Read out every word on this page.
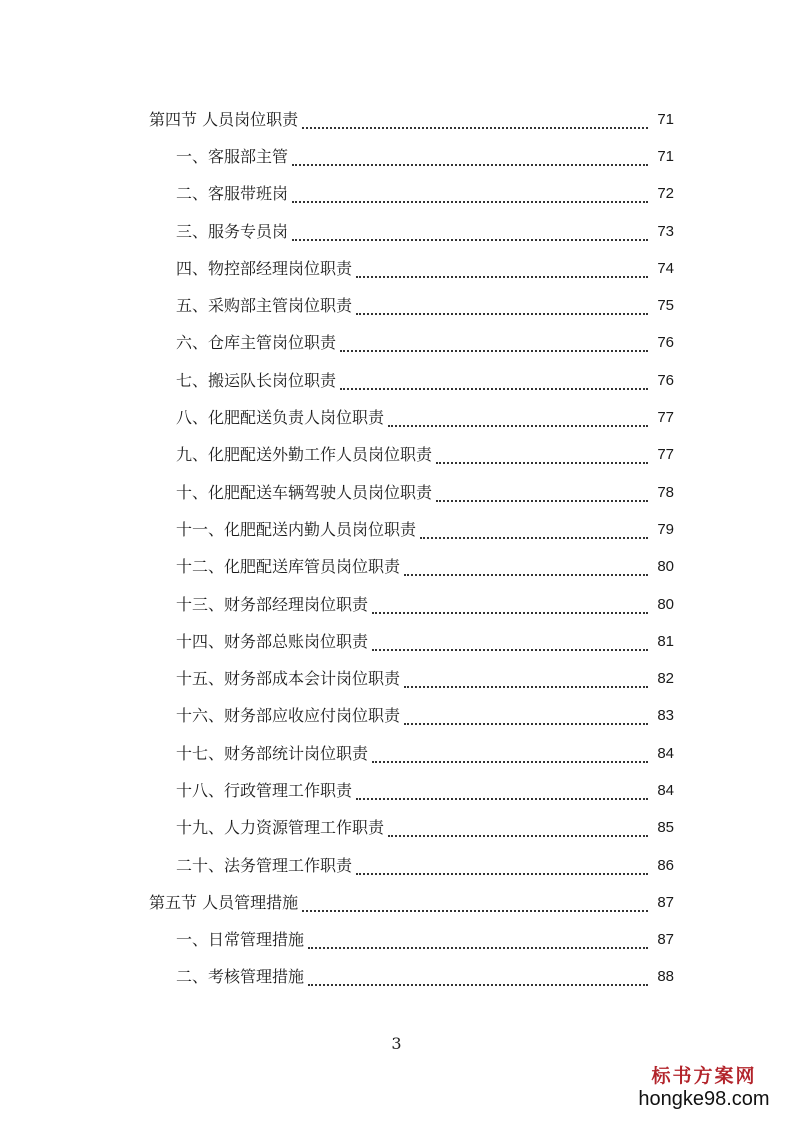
第四节 人员岗位职责	71
一、客服部主管	71
二、客服带班岗	72
三、服务专员岗	73
四、物控部经理岗位职责	74
五、采购部主管岗位职责	75
六、仓库主管岗位职责	76
七、搬运队长岗位职责	76
八、化肥配送负责人岗位职责	77
九、化肥配送外勤工作人员岗位职责	77
十、化肥配送车辆驾驶人员岗位职责	78
十一、化肥配送内勤人员岗位职责	79
十二、化肥配送库管员岗位职责	80
十三、财务部经理岗位职责	80
十四、财务部总账岗位职责	81
十五、财务部成本会计岗位职责	82
十六、财务部应收应付岗位职责	83
十七、财务部统计岗位职责	84
十八、行政管理工作职责	84
十九、人力资源管理工作职责	85
二十、法务管理工作职责	86
第五节 人员管理措施	87
一、日常管理措施	87
二、考核管理措施	88
3
标书方案网
hongke98.com
